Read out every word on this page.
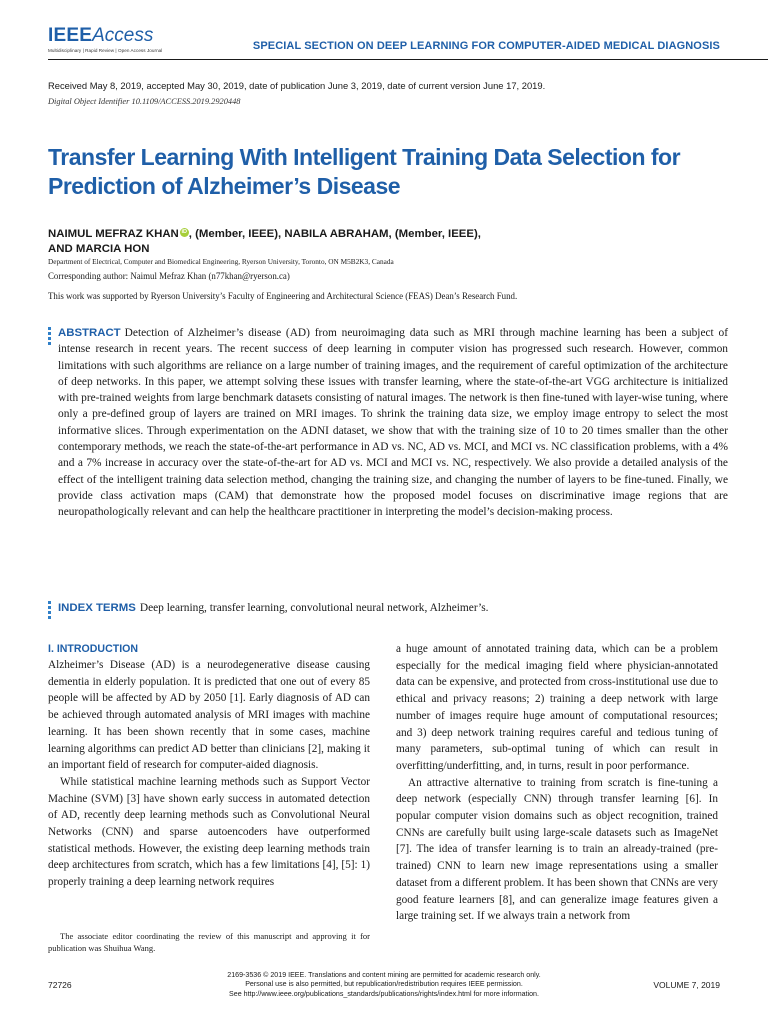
IEEEAccess
Multidisciplinary | Rapid Review | Open Access Journal	SPECIAL SECTION ON DEEP LEARNING FOR COMPUTER-AIDED MEDICAL DIAGNOSIS
Received May 8, 2019, accepted May 30, 2019, date of publication June 3, 2019, date of current version June 17, 2019.
Digital Object Identifier 10.1109/ACCESS.2019.2920448
Transfer Learning With Intelligent Training Data Selection for Prediction of Alzheimer’s Disease
NAIMUL MEFRAZ KHAN iD , (Member, IEEE), NABILA ABRAHAM, (Member, IEEE),
AND MARCIA HON
Department of Electrical, Computer and Biomedical Engineering, Ryerson University, Toronto, ON M5B2K3, Canada
Corresponding author: Naimul Mefraz Khan (n77khan@ryerson.ca)
This work was supported by Ryerson University’s Faculty of Engineering and Architectural Science (FEAS) Dean’s Research Fund.
ABSTRACT Detection of Alzheimer’s disease (AD) from neuroimaging data such as MRI through machine learning has been a subject of intense research in recent years. The recent success of deep learning in computer vision has progressed such research. However, common limitations with such algorithms are reliance on a large number of training images, and the requirement of careful optimization of the architecture of deep networks. In this paper, we attempt solving these issues with transfer learning, where the state-of-the-art VGG architecture is initialized with pre-trained weights from large benchmark datasets consisting of natural images. The network is then fine-tuned with layer-wise tuning, where only a pre-defined group of layers are trained on MRI images. To shrink the training data size, we employ image entropy to select the most informative slices. Through experimentation on the ADNI dataset, we show that with the training size of 10 to 20 times smaller than the other contemporary methods, we reach the state-of-the-art performance in AD vs. NC, AD vs. MCI, and MCI vs. NC classification problems, with a 4% and a 7% increase in accuracy over the state-of-the-art for AD vs. MCI and MCI vs. NC, respectively. We also provide a detailed analysis of the effect of the intelligent training data selection method, changing the training size, and changing the number of layers to be fine-tuned. Finally, we provide class activation maps (CAM) that demonstrate how the proposed model focuses on discriminative image regions that are neuropathologically relevant and can help the healthcare practitioner in interpreting the model’s decision-making process.
INDEX TERMS Deep learning, transfer learning, convolutional neural network, Alzheimer’s.
I. INTRODUCTION

Alzheimer’s Disease (AD) is a neurodegenerative disease causing dementia in elderly population. It is predicted that one out of every 85 people will be affected by AD by 2050 [1]. Early diagnosis of AD can be achieved through automated analysis of MRI images with machine learning. It has been shown recently that in some cases, machine learning algorithms can predict AD better than clinicians [2], making it an important field of research for computer-aided diagnosis.

While statistical machine learning methods such as Support Vector Machine (SVM) [3] have shown early success in automated detection of AD, recently deep learning methods such as Convolutional Neural Networks (CNN) and sparse autoencoders have outperformed statistical methods. However, the existing deep learning methods train deep architectures from scratch, which has a few limitations [4], [5]: 1) properly training a deep learning network requires

a huge amount of annotated training data, which can be a problem especially for the medical imaging field where physician-annotated data can be expensive, and protected from cross-institutional use due to ethical and privacy reasons; 2) training a deep network with large number of images require huge amount of computational resources; and 3) deep network training requires careful and tedious tuning of many parameters, sub-optimal tuning of which can result in overfitting/underfitting, and, in turns, result in poor performance.

An attractive alternative to training from scratch is fine-tuning a deep network (especially CNN) through transfer learning [6]. In popular computer vision domains such as object recognition, trained CNNs are carefully built using large-scale datasets such as ImageNet [7]. The idea of transfer learning is to train an already-trained (pre-trained) CNN to learn new image representations using a smaller dataset from a different problem. It has been shown that CNNs are very good feature learners [8], and can generalize image features given a large training set. If we always train a network from

The associate editor coordinating the review of this manuscript and approving it for publication was Shuihua Wang.

72726
2169-3536 © 2019 IEEE. Translations and content mining are permitted for academic research only.
Personal use is also permitted, but republication/redistribution requires IEEE permission.
See http://www.ieee.org/publications_standards/publications/rights/index.html for more information.
VOLUME 7, 2019
